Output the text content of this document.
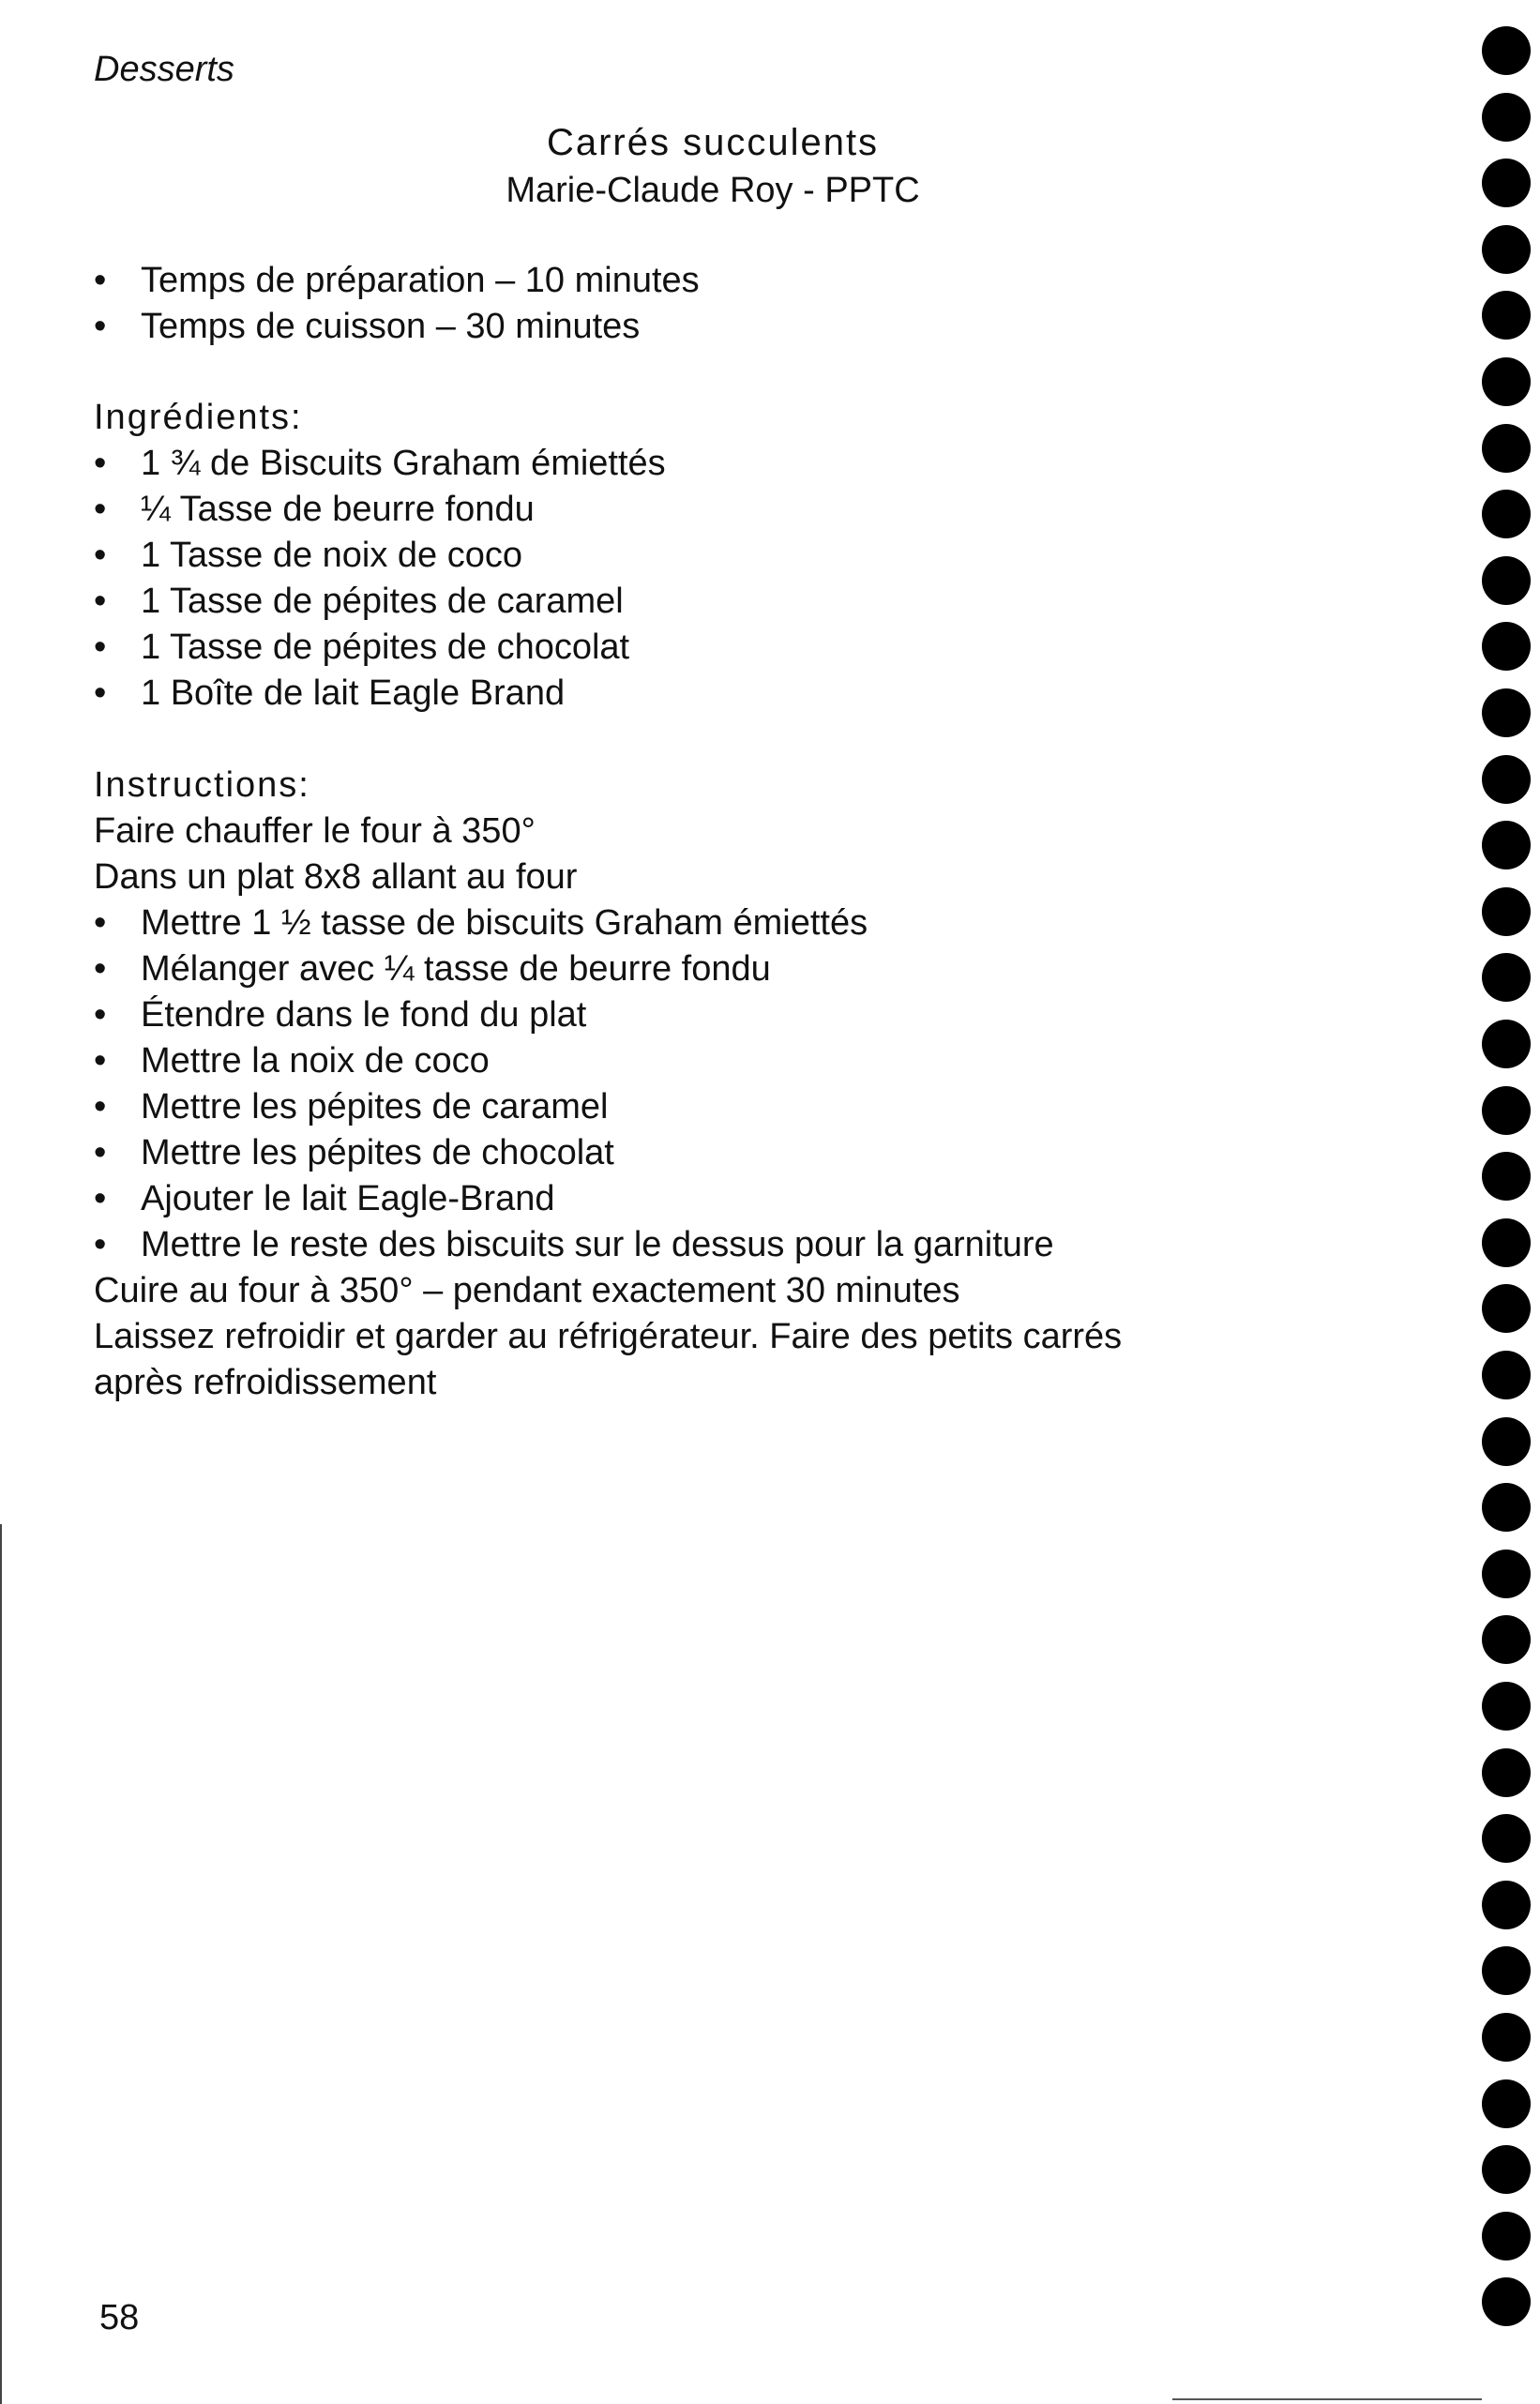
Desserts
Carrés succulents
Marie-Claude Roy - PPTC
• Temps de préparation – 10 minutes
• Temps de cuisson – 30 minutes
Ingrédients:
• 1 ¾ de Biscuits Graham émiettés
• ¼ Tasse de beurre fondu
• 1 Tasse de noix de coco
• 1 Tasse de pépites de caramel
• 1 Tasse de pépites de chocolat
• 1 Boîte de lait Eagle Brand
Instructions:
Faire chauffer le four à 350°
Dans un plat 8x8 allant au four
• Mettre 1 ½ tasse de biscuits Graham émiettés
• Mélanger avec ¼ tasse de beurre fondu
• Étendre dans le fond du plat
• Mettre la noix de coco
• Mettre les pépites de caramel
• Mettre les pépites de chocolat
• Ajouter le lait Eagle-Brand
• Mettre le reste des biscuits sur le dessus pour la garniture
Cuire au four à 350° – pendant exactement 30 minutes
Laissez refroidir et garder au réfrigérateur. Faire des petits carrés
après refroidissement
58
